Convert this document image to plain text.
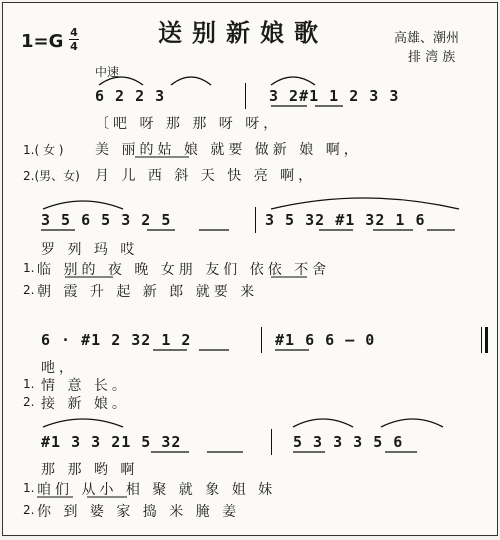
1=G 4
4	送别新娘歌	高雄、潮州
排 湾 族
中速
6 2 2 3	3 2#1 1 2 3 3
〔吧 呀 那 那 呀 呀，
1.( 女 ) 美 丽的姑 娘 就要 做新 娘 啊，
2.(男、女) 月 儿 西 斜 天 快 亮 啊，
3 5 6 5 3 2 5	3 5 32 #1 32 1 6
罗 列 玛 哎
1. 临 别的 夜 晚 女朋 友们 依依 不舍
2. 朝 霞 升 起 新 郎 就要 来
6 · #1 2 32 1 2	#1 6 6 – 0
吔，
1. 情 意 长。
2. 接 新 娘。
#1 3 3 21 5 32	5 3 3 3 5 6
那 那 哟 啊
1. 咱们 从小 相 聚 就 象 姐 妹
2. 你 到 婆 家 捣 米 腌 姜
